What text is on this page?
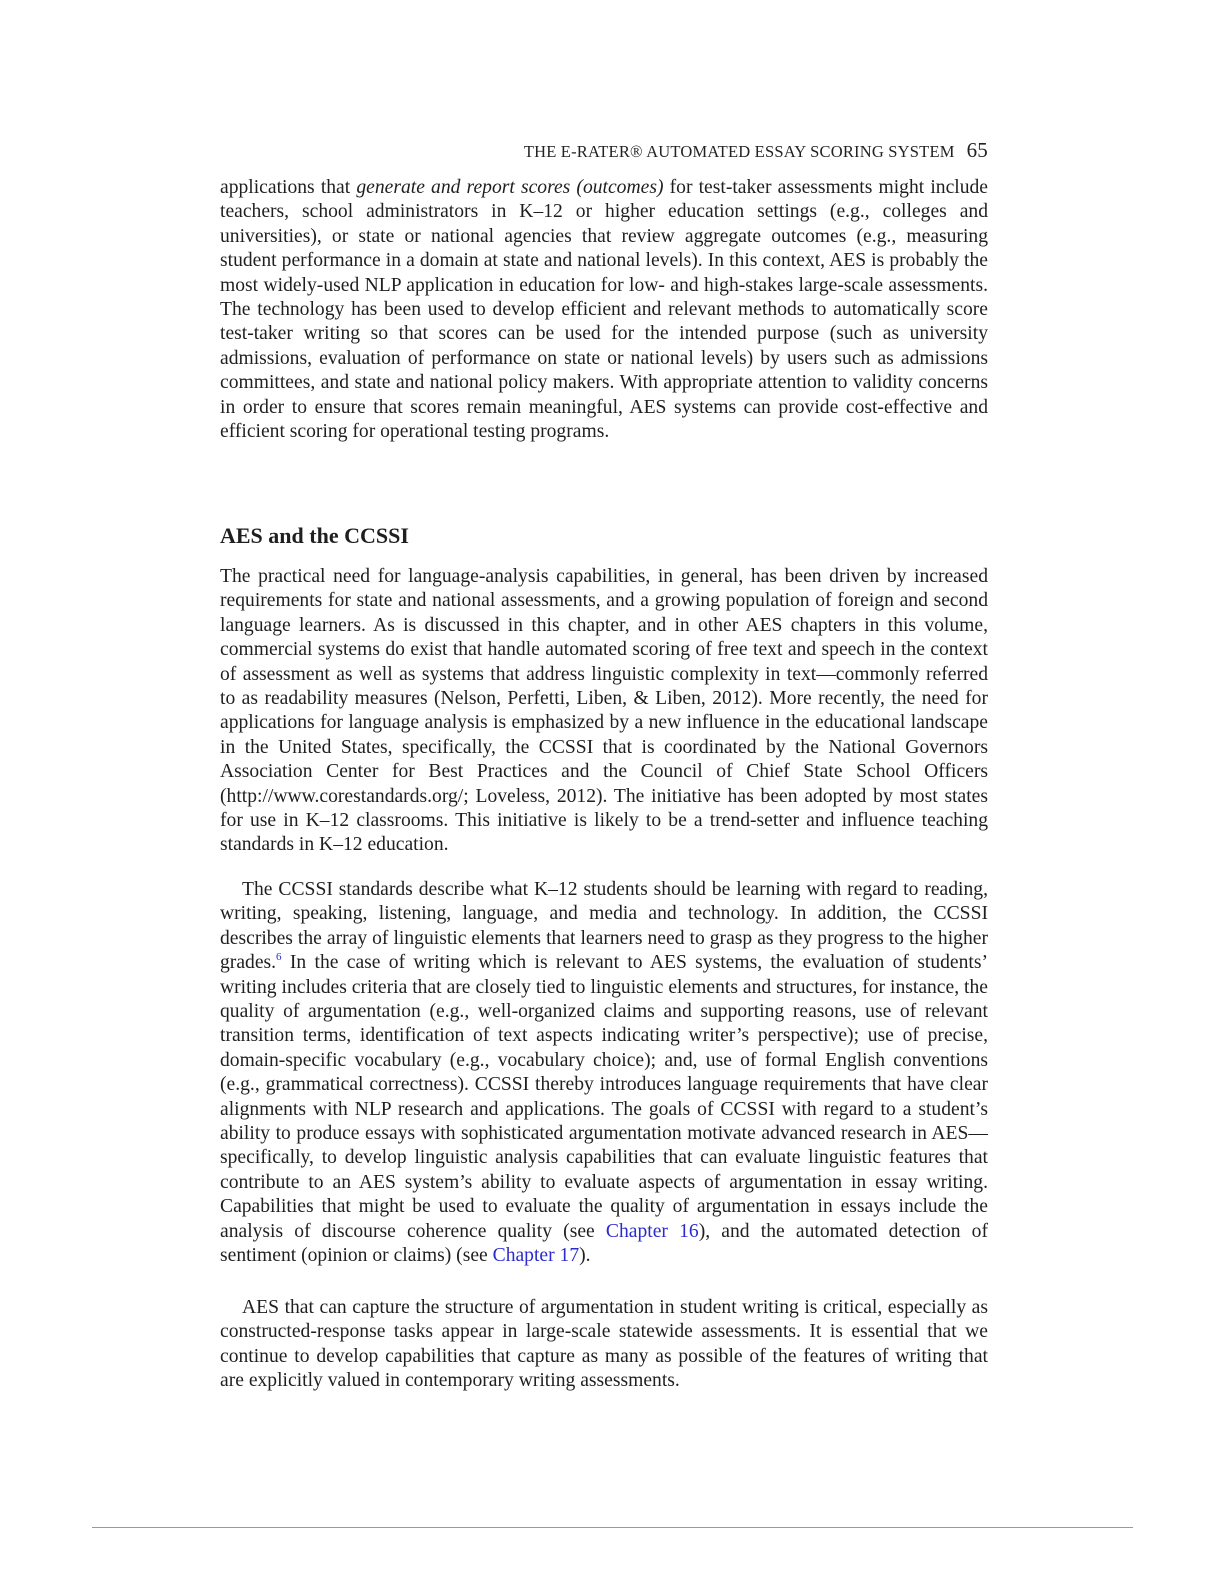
THE E-RATER® AUTOMATED ESSAY SCORING SYSTEM 65

applications that generate and report scores (outcomes) for test-taker assessments might include teachers, school administrators in K–12 or higher education settings (e.g., colleges and universities), or state or national agencies that review aggregate outcomes (e.g., measuring student performance in a domain at state and national levels). In this context, AES is probably the most widely-used NLP application in education for low- and high-stakes large-scale assessments. The technology has been used to develop efficient and relevant methods to automatically score test-taker writing so that scores can be used for the intended purpose (such as university admissions, evaluation of performance on state or national levels) by users such as admissions committees, and state and national policy makers. With appropriate attention to validity concerns in order to ensure that scores remain meaningful, AES systems can provide cost-effective and efficient scoring for operational testing programs.

AES and the CCSSI

The practical need for language-analysis capabilities, in general, has been driven by increased requirements for state and national assessments, and a growing population of foreign and second language learners. As is discussed in this chapter, and in other AES chapters in this volume, commercial systems do exist that handle automated scoring of free text and speech in the context of assessment as well as systems that address linguistic complexity in text—commonly referred to as readability measures (Nelson, Perfetti, Liben, & Liben, 2012). More recently, the need for applications for language analysis is emphasized by a new influence in the educational landscape in the United States, specifically, the CCSSI that is coordinated by the National Governors Association Center for Best Practices and the Council of Chief State School Officers (http://www.corestandards.​org/; Loveless, 2012). The initiative has been adopted by most states for use in K–12 classrooms. This initiative is likely to be a trend-setter and influence teaching standards in K–12 education.

The CCSSI standards describe what K–12 students should be learning with regard to reading, writing, speaking, listening, language, and media and technology. In addition, the CCSSI describes the array of linguistic elements that learners need to grasp as they progress to the higher grades.$^6$ In the case of writing which is relevant to AES systems, the evaluation of students’ writing includes criteria that are closely tied to linguistic elements and structures, for instance, the quality of argumentation (e.g., well-organized claims and supporting reasons, use of relevant transition terms, identification of text aspects indicating writer’s perspective); use of precise, domain-specific vocabulary (e.g., vocabulary choice); and, use of formal English conventions (e.g., grammatical correctness). CCSSI thereby introduces language requirements that have clear alignments with NLP research and applications. The goals of CCSSI with regard to a student’s ability to produce essays with sophisticated argumentation motivate advanced research in AES—specifically, to develop linguistic analysis capabilities that can evaluate linguistic features that contribute to an AES system’s ability to evaluate aspects of argumentation in essay writing. Capabilities that might be used to evaluate the quality of argumentation in essays include the analysis of discourse coherence quality (see Chapter 16), and the automated detection of sentiment (opinion or claims) (see Chapter 17).

AES that can capture the structure of argumentation in student writing is critical, especially as constructed-response tasks appear in large-scale statewide assessments. It is essential that we continue to develop capabilities that capture as many as possible of the features of writing that are explicitly valued in contemporary writing assessments.
